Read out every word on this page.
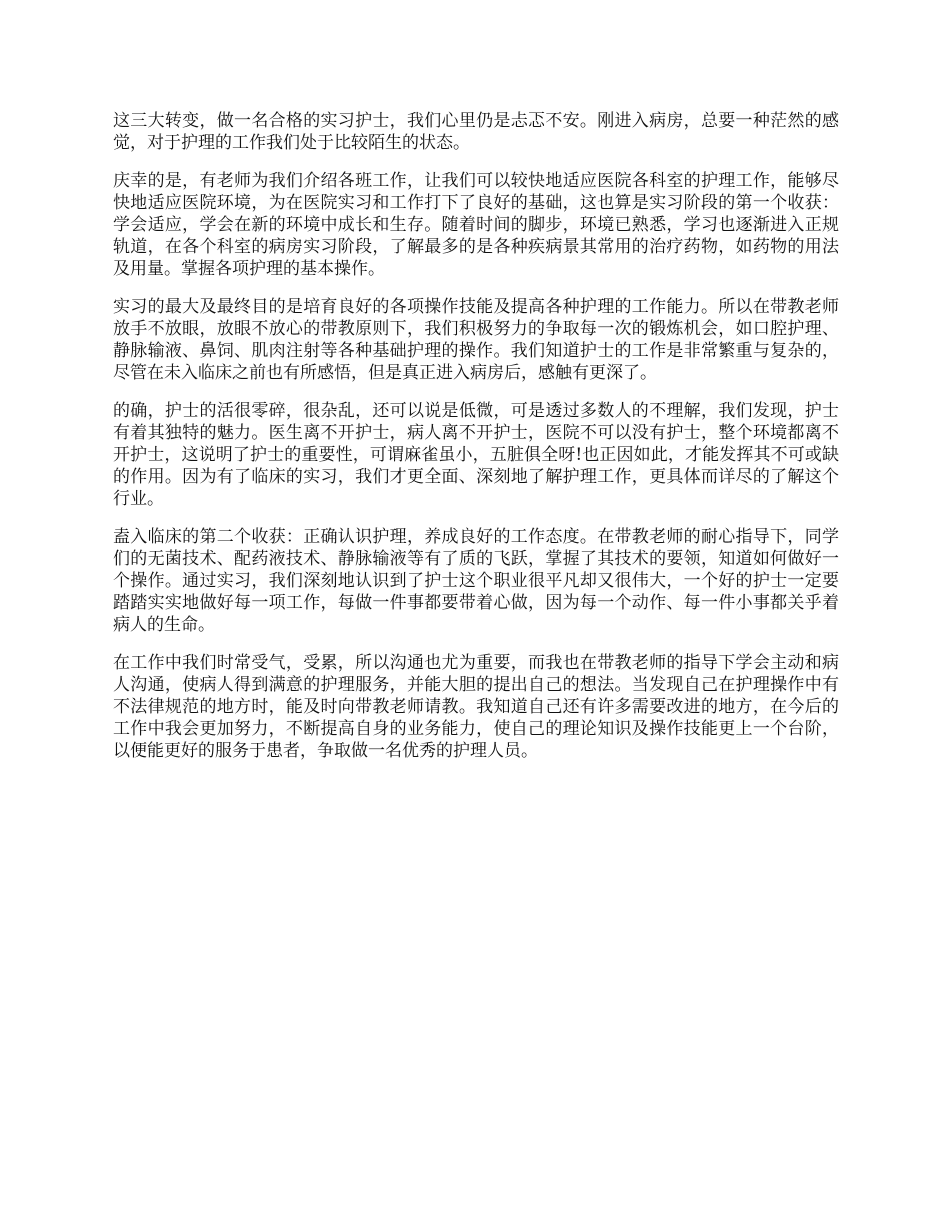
这三大转变，做一名合格的实习护士，我们心里仍是忐忑不安。刚进入病房，总要一种茫然的感觉，对于护理的工作我们处于比较陌生的状态。

庆幸的是，有老师为我们介绍各班工作，让我们可以较快地适应医院各科室的护理工作，能够尽快地适应医院环境，为在医院实习和工作打下了良好的基础，这也算是实习阶段的第一个收获：学会适应，学会在新的环境中成长和生存。随着时间的脚步，环境已熟悉，学习也逐渐进入正规轨道，在各个科室的病房实习阶段，了解最多的是各种疾病景其常用的治疗药物，如药物的用法及用量。掌握各项护理的基本操作。

实习的最大及最终目的是培育良好的各项操作技能及提高各种护理的工作能力。所以在带教老师放手不放眼，放眼不放心的带教原则下，我们积极努力的争取每一次的锻炼机会，如口腔护理、静脉输液、鼻饲、肌肉注射等各种基础护理的操作。我们知道护士的工作是非常繁重与复杂的，尽管在未入临床之前也有所感悟，但是真正进入病房后，感触有更深了。

的确，护士的活很零碎，很杂乱，还可以说是低微，可是透过多数人的不理解，我们发现，护士有着其独特的魅力。医生离不开护士，病人离不开护士，医院不可以没有护士，整个环境都离不开护士，这说明了护士的重要性，可谓麻雀虽小，五脏俱全呀!也正因如此，才能发挥其不可或缺的作用。因为有了临床的实习，我们才更全面、深刻地了解护理工作，更具体而详尽的了解这个行业。

盍入临床的第二个收获：正确认识护理，养成良好的工作态度。在带教老师的耐心指导下，同学们的无菌技术、配药液技术、静脉输液等有了质的飞跃，掌握了其技术的要领，知道如何做好一个操作。通过实习，我们深刻地认识到了护士这个职业很平凡却又很伟大，一个好的护士一定要踏踏实实地做好每一项工作，每做一件事都要带着心做，因为每一个动作、每一件小事都关乎着病人的生命。

在工作中我们时常受气，受累，所以沟通也尤为重要，而我也在带教老师的指导下学会主动和病人沟通，使病人得到满意的护理服务，并能大胆的提出自己的想法。当发现自己在护理操作中有不法律规范的地方时，能及时向带教老师请教。我知道自己还有许多需要改进的地方，在今后的工作中我会更加努力，不断提高自身的业务能力，使自己的理论知识及操作技能更上一个台阶，以便能更好的服务于患者，争取做一名优秀的护理人员。
